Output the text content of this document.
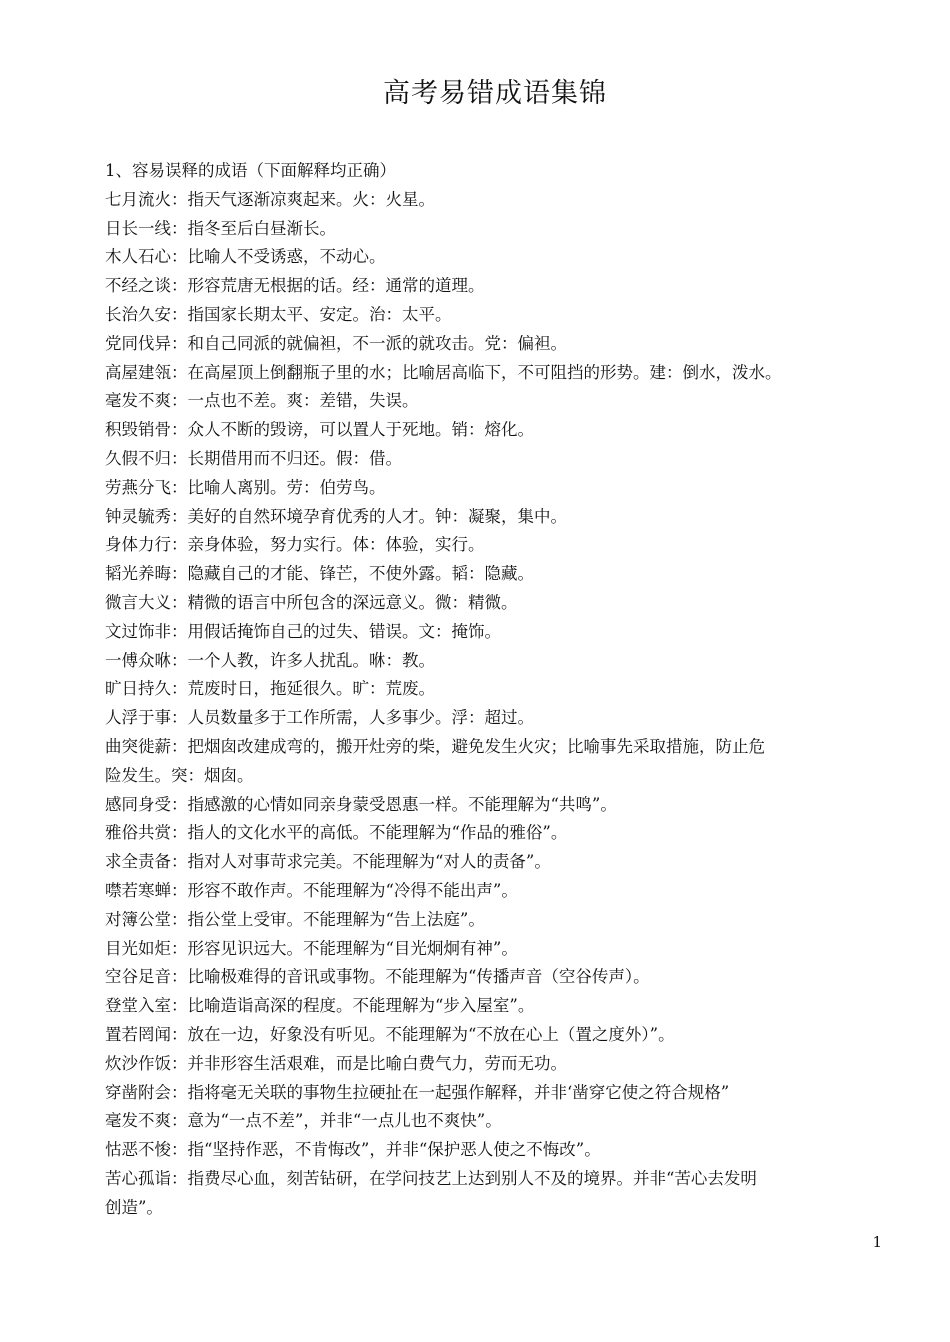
高考易错成语集锦

1、容易误释的成语（下面解释均正确）

七月流火：指天气逐渐凉爽起来。火：火星。

日长一线：指冬至后白昼渐长。

木人石心：比喻人不受诱惑，不动心。

不经之谈：形容荒唐无根据的话。经：通常的道理。

长治久安：指国家长期太平、安定。治：太平。

党同伐异：和自己同派的就偏袒，不一派的就攻击。党：偏袒。

高屋建瓴：在高屋顶上倒翻瓶子里的水；比喻居高临下，不可阻挡的形势。建：倒水，泼水。

毫发不爽：一点也不差。爽：差错，失误。

积毁销骨：众人不断的毁谤，可以置人于死地。销：熔化。

久假不归：长期借用而不归还。假：借。

劳燕分飞：比喻人离别。劳：伯劳鸟。

钟灵毓秀：美好的自然环境孕育优秀的人才。钟：凝聚，集中。

身体力行：亲身体验，努力实行。体：体验，实行。

韬光养晦：隐藏自己的才能、锋芒，不使外露。韬：隐藏。

微言大义：精微的语言中所包含的深远意义。微：精微。

文过饰非：用假话掩饰自己的过失、错误。文：掩饰。

一傅众咻：一个人教，许多人扰乱。咻：教。

旷日持久：荒废时日，拖延很久。旷：荒废。

人浮于事：人员数量多于工作所需，人多事少。浮：超过。

曲突徙薪：把烟囱改建成弯的，搬开灶旁的柴，避免发生火灾；比喻事先采取措施，防止危

险发生。突：烟囱。

感同身受：指感激的心情如同亲身蒙受恩惠一样。不能理解为“共鸣”。

雅俗共赏：指人的文化水平的高低。不能理解为“作品的雅俗”。

求全责备：指对人对事苛求完美。不能理解为“对人的责备”。

噤若寒蝉：形容不敢作声。不能理解为“冷得不能出声”。

对簿公堂：指公堂上受审。不能理解为“告上法庭”。

目光如炬：形容见识远大。不能理解为“目光炯炯有神”。

空谷足音：比喻极难得的音讯或事物。不能理解为“传播声音（空谷传声）。

登堂入室：比喻造诣高深的程度。不能理解为“步入屋室”。

置若罔闻：放在一边，好象没有听见。不能理解为“不放在心上（置之度外）”。

炊沙作饭：并非形容生活艰难，而是比喻白费气力，劳而无功。

穿凿附会：指将毫无关联的事物生拉硬扯在一起强作解释，并非‘凿穿它使之符合规格”

毫发不爽：意为“一点不差”，并非“一点儿也不爽快”。

怙恶不悛：指“坚持作恶，不肯悔改”，并非“保护恶人使之不悔改”。

苦心孤诣：指费尽心血，刻苦钻研，在学问技艺上达到别人不及的境界。并非“苦心去发明

创造”。

1
